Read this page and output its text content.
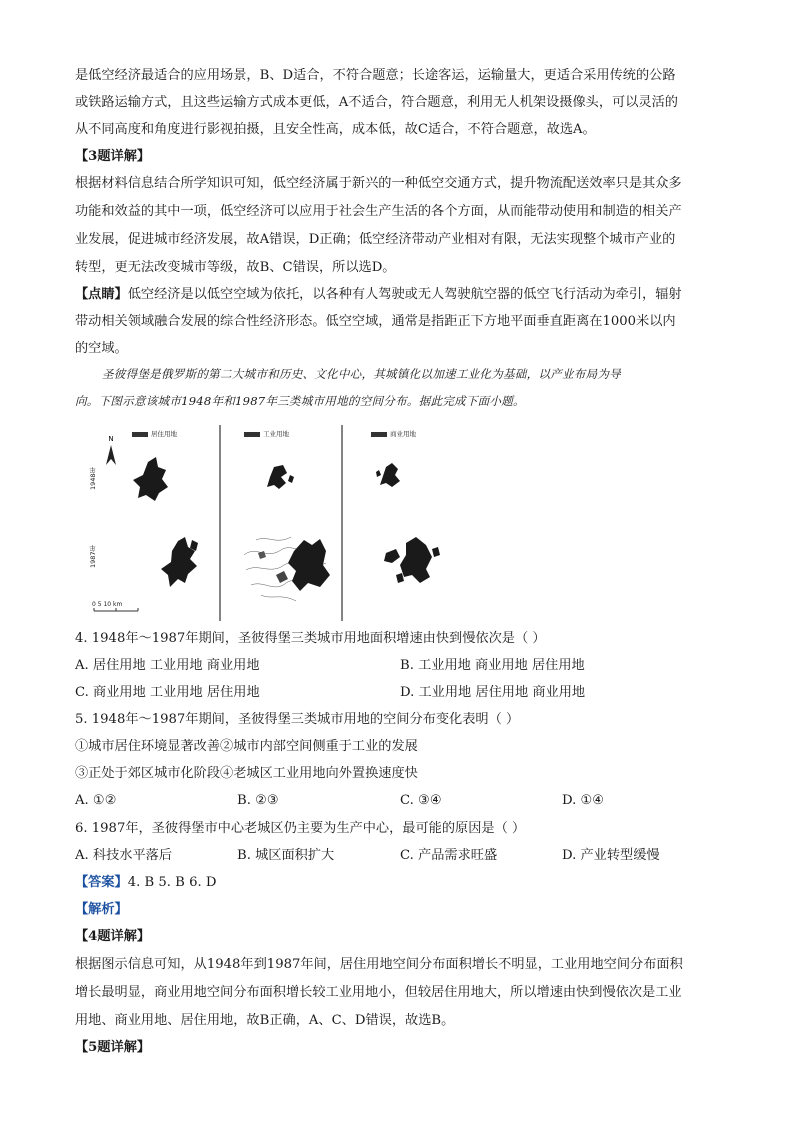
是低空经济最适合的应用场景，B、D适合，不符合题意；长途客运，运输量大，更适合采用传统的公路
或铁路运输方式，且这些运输方式成本更低，A不适合，符合题意，利用无人机架设摄像头，可以灵活的
从不同高度和角度进行影视拍摄，且安全性高，成本低，故C适合，不符合题意，故选A。
【3题详解】
根据材料信息结合所学知识可知，低空经济属于新兴的一种低空交通方式，提升物流配送效率只是其众多
功能和效益的其中一项，低空经济可以应用于社会生产生活的各个方面，从而能带动使用和制造的相关产
业发展，促进城市经济发展，故A错误，D正确；低空经济带动产业相对有限，无法实现整个城市产业的
转型，更无法改变城市等级，故B、C错误，所以选D。
【点睛】低空经济是以低空空域为依托，以各种有人驾驶或无人驾驶航空器的低空飞行活动为牵引，辐射
带动相关领域融合发展的综合性经济形态。低空空域，通常是指距正下方地平面垂直距离在1000米以内
的空域。
圣彼得堡是俄罗斯的第二大城市和历史、文化中心，其城镇化以加速工业化为基础，以产业布局为导
向。下图示意该城市1948年和1987年三类城市用地的空间分布。据此完成下面小题。
N
居住用地	工业用地	商业用地
1948年
1987年
0 5 10 km
4. 1948年～1987年期间，圣彼得堡三类城市用地面积增速由快到慢依次是（ ）
A. 居住用地 工业用地 商业用地	B. 工业用地 商业用地 居住用地
C. 商业用地 工业用地 居住用地	D. 工业用地 居住用地 商业用地
5. 1948年～1987年期间，圣彼得堡三类城市用地的空间分布变化表明（ ）
①城市居住环境显著改善②城市内部空间侧重于工业的发展
③正处于郊区城市化阶段④老城区工业用地向外置换速度快
A. ①②	B. ②③	C. ③④	D. ①④
6. 1987年，圣彼得堡市中心老城区仍主要为生产中心，最可能的原因是（ ）
A. 科技水平落后	B. 城区面积扩大	C. 产品需求旺盛	D. 产业转型缓慢
【答案】4. B 5. B 6. D
【解析】
【4题详解】
根据图示信息可知，从1948年到1987年间，居住用地空间分布面积增长不明显，工业用地空间分布面积
增长最明显，商业用地空间分布面积增长较工业用地小，但较居住用地大，所以增速由快到慢依次是工业
用地、商业用地、居住用地，故B正确，A、C、D错误，故选B。
【5题详解】
